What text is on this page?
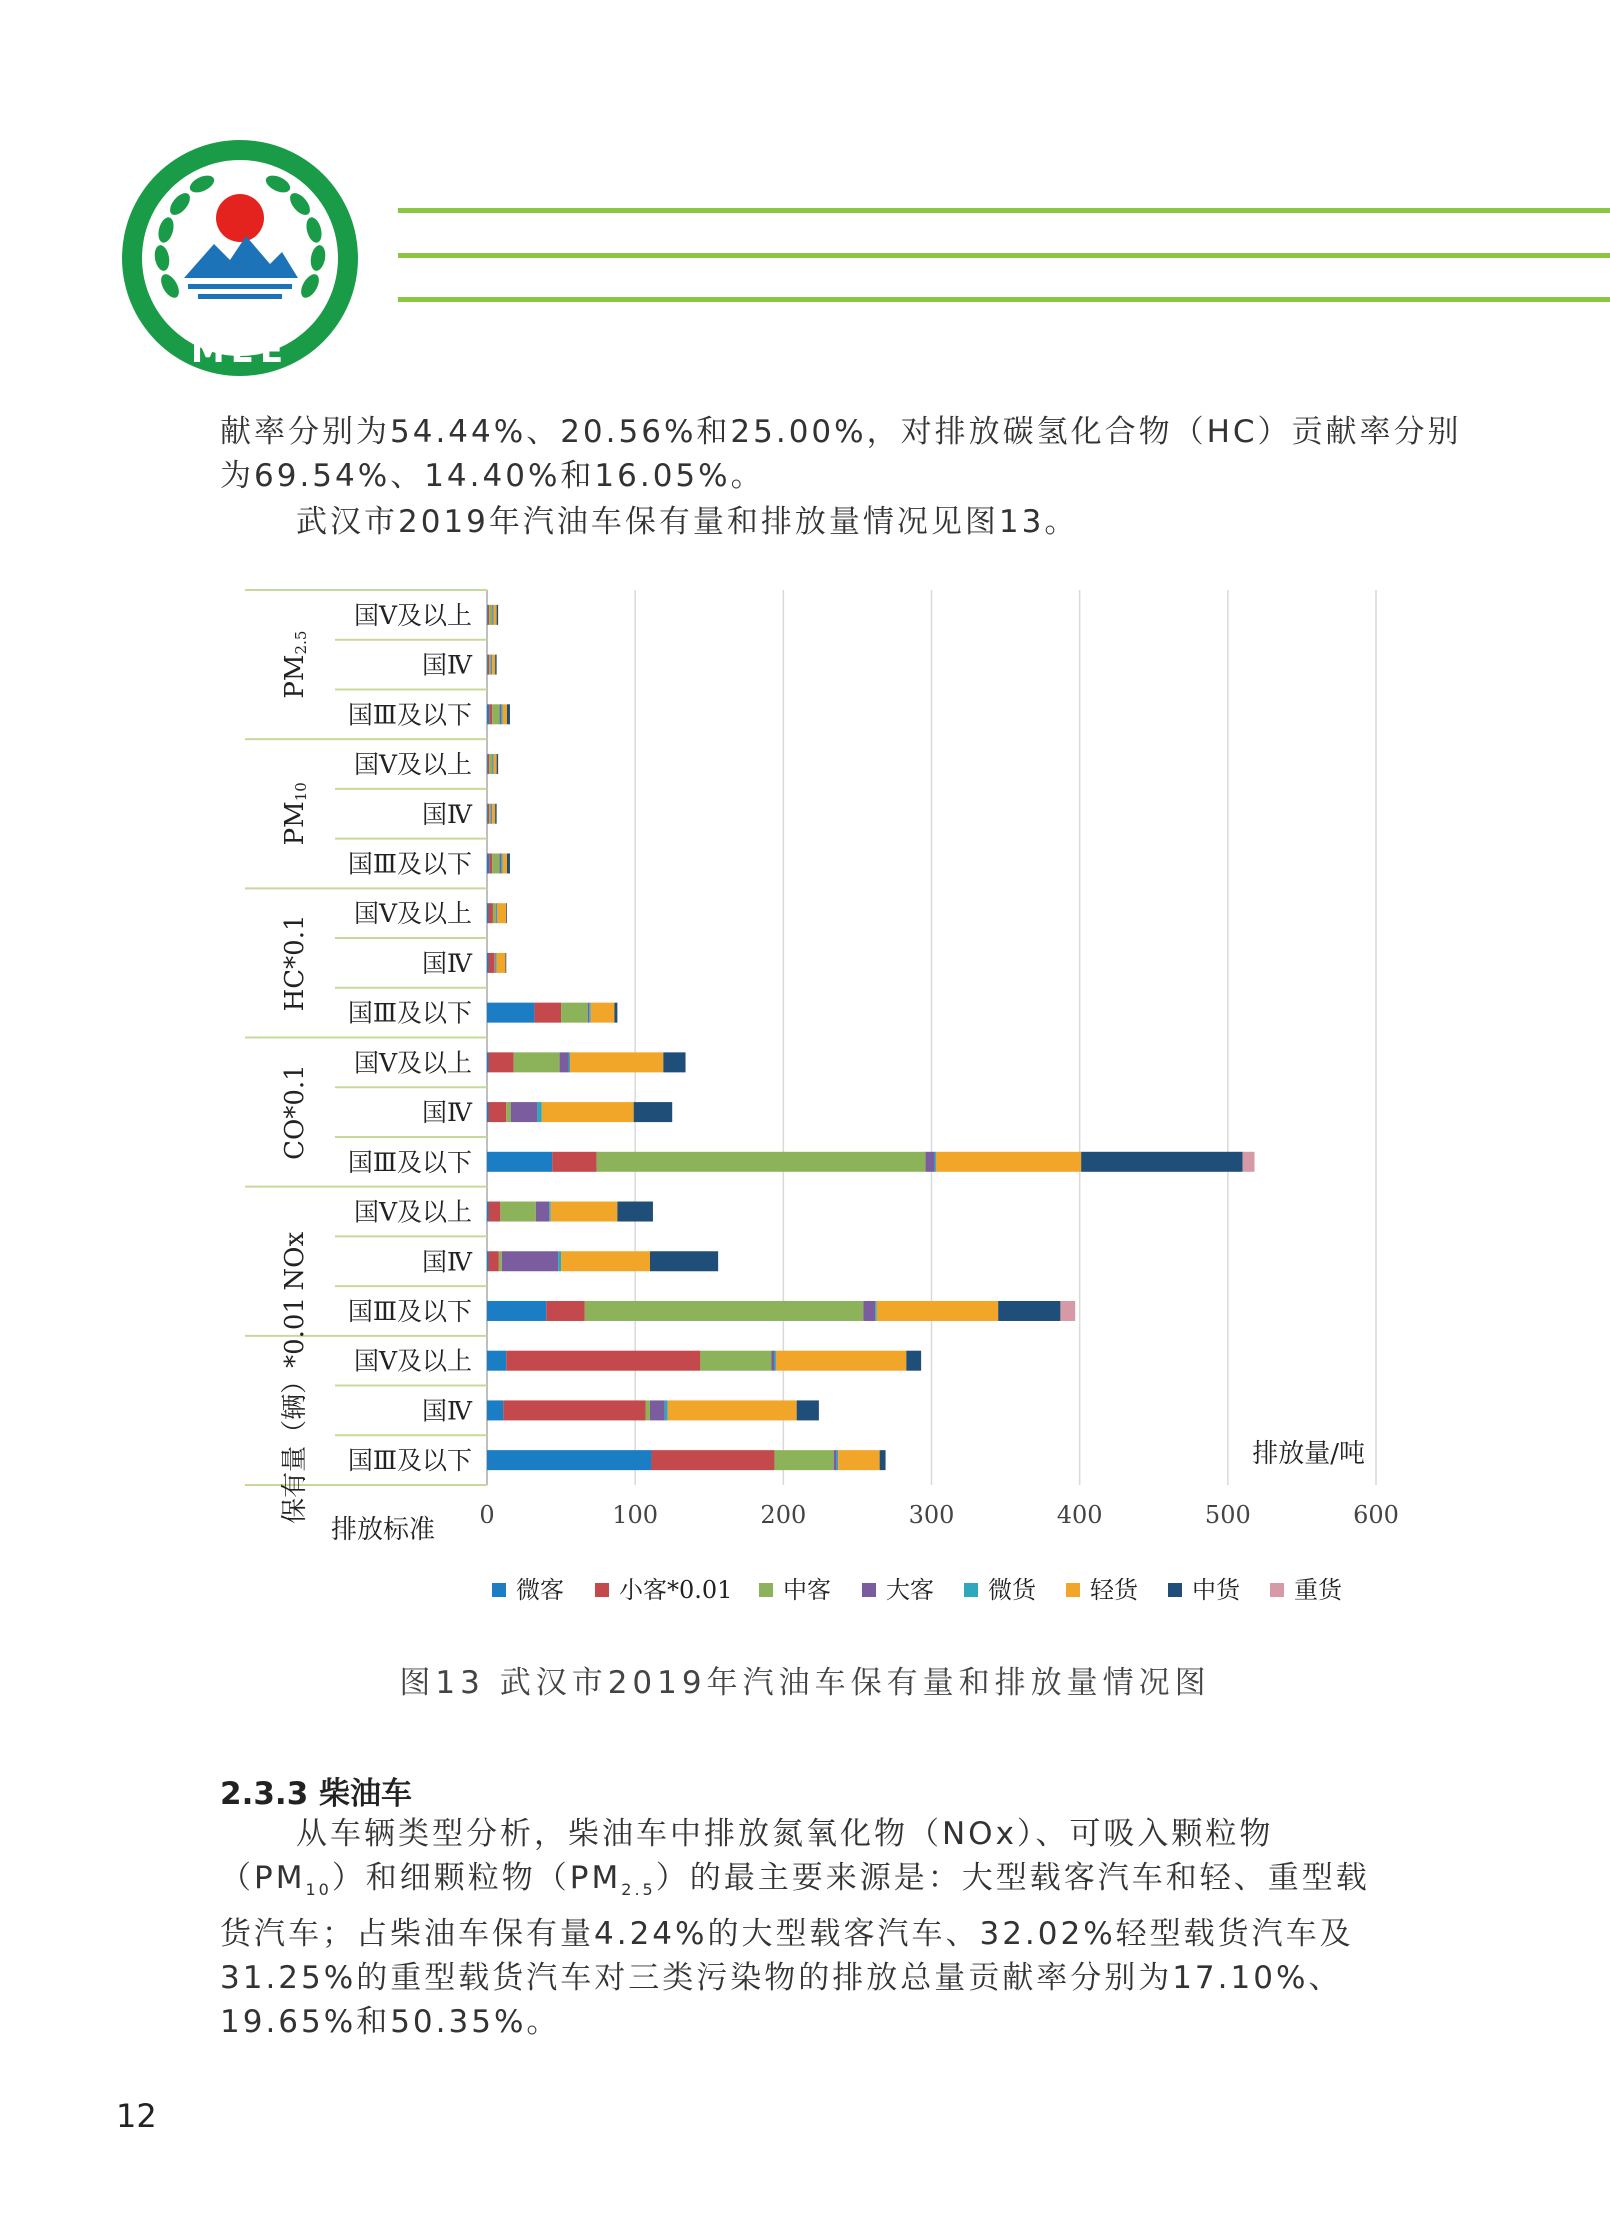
MEE
献率分别为54.44%、20.56%和25.00%，对排放碳氢化合物（HC）贡献率分别
为69.54%、14.40%和16.05%。
武汉市2019年汽油车保有量和排放量情况见图13。
0	100	200	300	400	500	600
$PM_{2.5}$
国Ⅴ及以上
国Ⅳ
国Ⅲ及以下
$PM_{10}$
国Ⅴ及以上
国Ⅳ
国Ⅲ及以下
HC*0.1
国Ⅴ及以上
国Ⅳ
国Ⅲ及以下
CO*0.1
国Ⅴ及以上
国Ⅳ
国Ⅲ及以下
NOx
国Ⅴ及以上
国Ⅳ
国Ⅲ及以下
保有量（辆）*0.01 国Ⅴ及以上
国Ⅳ
国Ⅲ及以下	排放量/吨
排放标准
微客 小客*0.01 中客 大客 微货 轻货 中货 重货
图13 武汉市2019年汽油车保有量和排放量情况图
2.3.3 柴油车
从车辆类型分析，柴油车中排放氮氧化物（NOx）、可吸入颗粒物
$(PM_{10})$和细颗粒物$(PM_{2.5})$的最主要来源是：大型载客汽车和轻、重型载
货汽车；占柴油车保有量4.24%的大型载客汽车、32.02%轻型载货汽车及
31.25%的重型载货汽车对三类污染物的排放总量贡献率分别为17.10%、
19.65%和50.35%。
12
